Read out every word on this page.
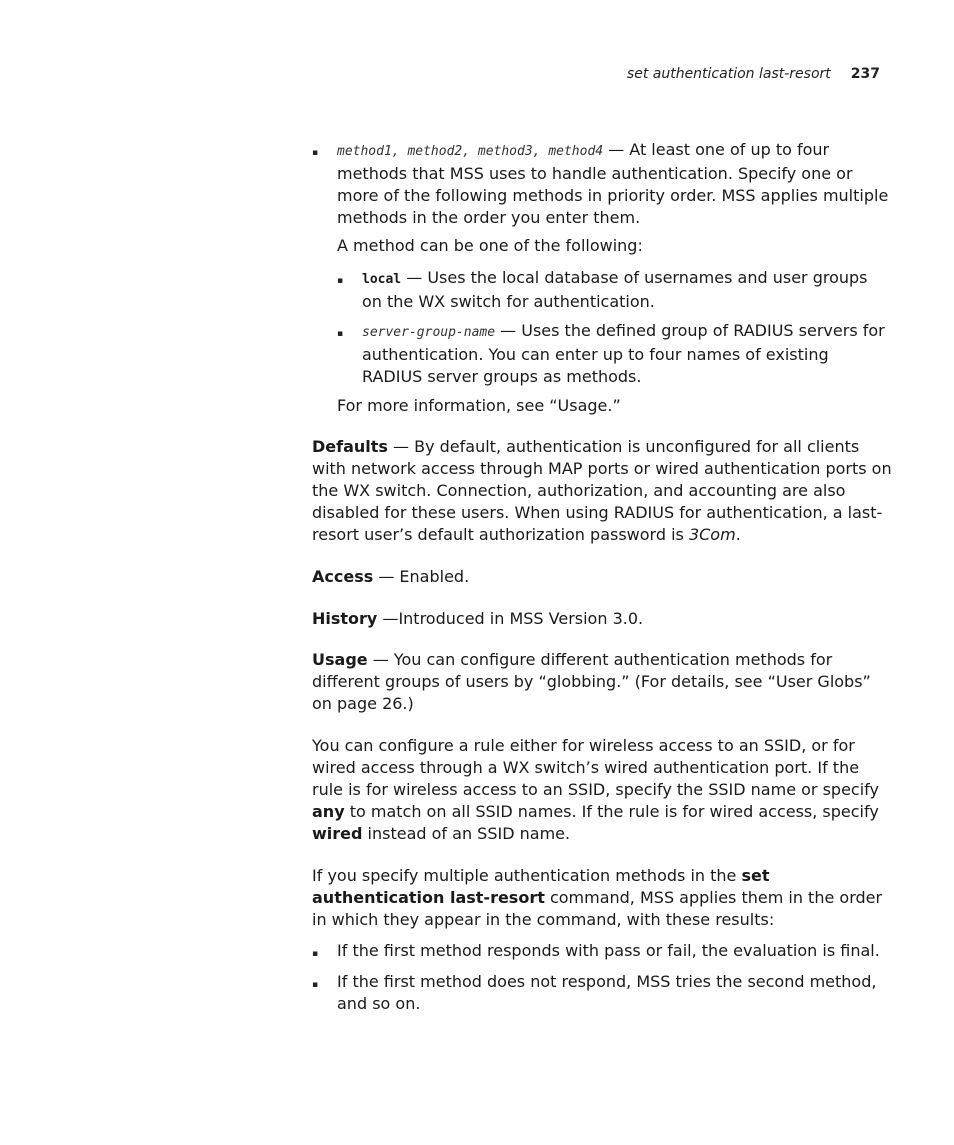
set authentication last-resort 237
▪ method1, method2, method3, method4 — At least one of up to four methods that MSS uses to handle authentication. Specify one or more of the following methods in priority order. MSS applies multiple methods in the order you enter them.

A method can be one of the following:
▪ local — Uses the local database of usernames and user groups on the WX switch for authentication.

▪ server-group-name — Uses the defined group of RADIUS servers for authentication. You can enter up to four names of existing RADIUS server groups as methods.

For more information, see “Usage.”

Defaults — By default, authentication is unconfigured for all clients with network access through MAP ports or wired authentication ports on the WX switch. Connection, authorization, and accounting are also disabled for these users. When using RADIUS for authentication, a last-resort user’s default authorization password is 3Com.

Access — Enabled.

History —Introduced in MSS Version 3.0.

Usage — You can configure different authentication methods for different groups of users by “globbing.” (For details, see “User Globs” on page 26.)

You can configure a rule either for wireless access to an SSID, or for wired access through a WX switch’s wired authentication port. If the rule is for wireless access to an SSID, specify the SSID name or specify any to match on all SSID names. If the rule is for wired access, specify wired instead of an SSID name.

If you specify multiple authentication methods in the set authentication last-resort command, MSS applies them in the order in which they appear in the command, with these results:

▪ If the first method responds with pass or fail, the evaluation is final.
▪ If the first method does not respond, MSS tries the second method, and so on.
